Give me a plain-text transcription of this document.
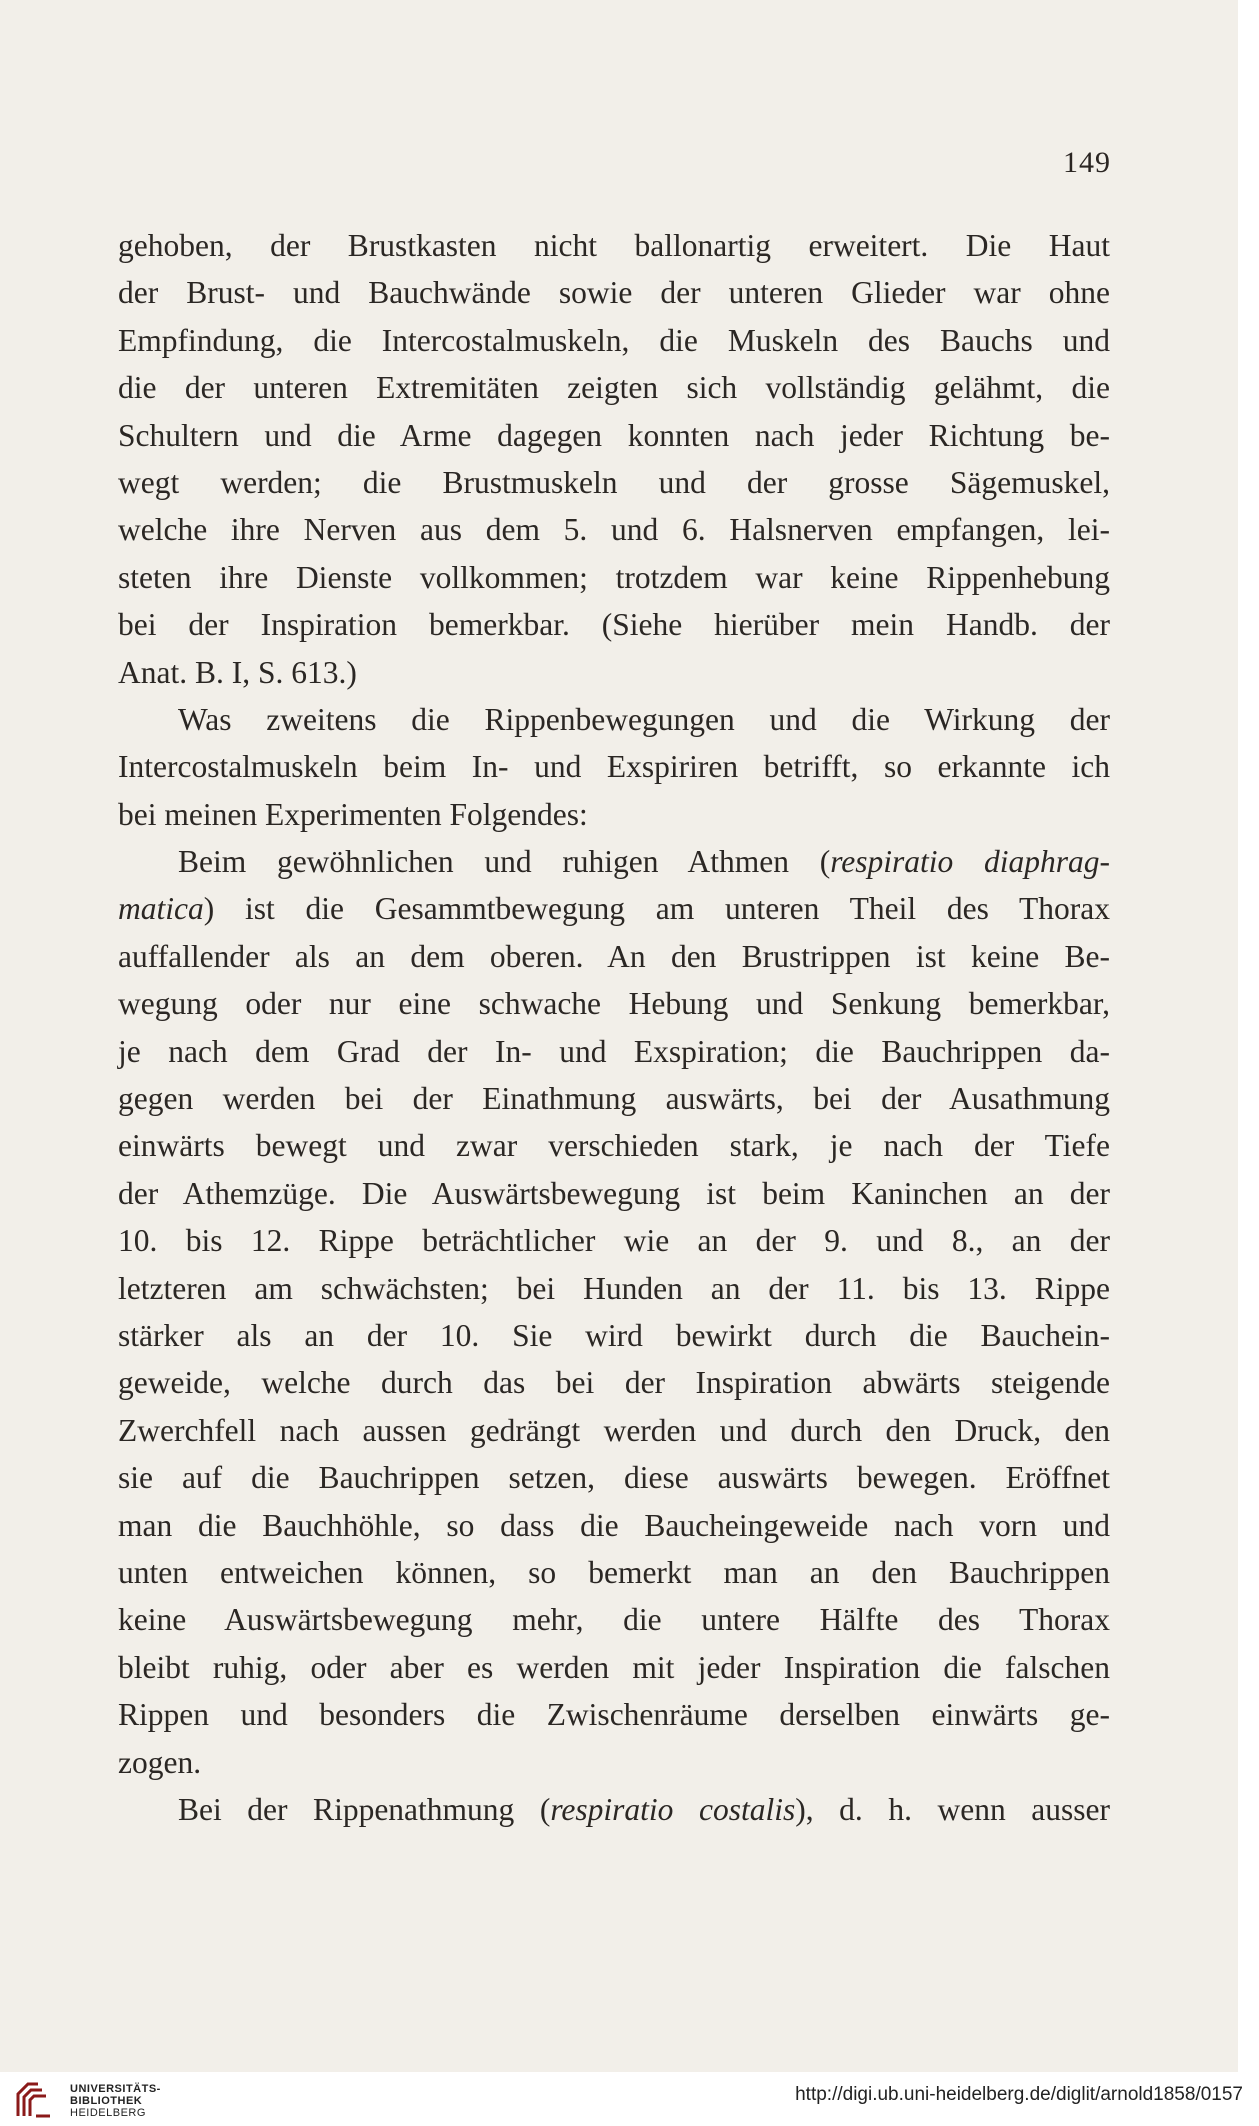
149
gehoben, der Brustkasten nicht ballonartig erweitert. Die Haut
der Brust- und Bauchwände sowie der unteren Glieder war ohne
Empfindung, die Intercostalmuskeln, die Muskeln des Bauchs und
die der unteren Extremitäten zeigten sich vollständig gelähmt, die
Schultern und die Arme dagegen konnten nach jeder Richtung be-
wegt werden; die Brustmuskeln und der grosse Sägemuskel,
welche ihre Nerven aus dem 5. und 6. Halsnerven empfangen, lei-
steten ihre Dienste vollkommen; trotzdem war keine Rippenhebung
bei der Inspiration bemerkbar. (Siehe hierüber mein Handb. der
Anat. B. I, S. 613.)
Was zweitens die Rippenbewegungen und die Wirkung der
Intercostalmuskeln beim In- und Exspiriren betrifft, so erkannte ich
bei meinen Experimenten Folgendes:
Beim gewöhnlichen und ruhigen Athmen (respiratio diaphrag-
matica) ist die Gesammtbewegung am unteren Theil des Thorax
auffallender als an dem oberen. An den Brustrippen ist keine Be-
wegung oder nur eine schwache Hebung und Senkung bemerkbar,
je nach dem Grad der In- und Exspiration; die Bauchrippen da-
gegen werden bei der Einathmung auswärts, bei der Ausathmung
einwärts bewegt und zwar verschieden stark, je nach der Tiefe
der Athemzüge. Die Auswärtsbewegung ist beim Kaninchen an der
10. bis 12. Rippe beträchtlicher wie an der 9. und 8., an der
letzteren am schwächsten; bei Hunden an der 11. bis 13. Rippe
stärker als an der 10. Sie wird bewirkt durch die Bauchein-
geweide, welche durch das bei der Inspiration abwärts steigende
Zwerchfell nach aussen gedrängt werden und durch den Druck, den
sie auf die Bauchrippen setzen, diese auswärts bewegen. Eröffnet
man die Bauchhöhle, so dass die Baucheingeweide nach vorn und
unten entweichen können, so bemerkt man an den Bauchrippen
keine Auswärtsbewegung mehr, die untere Hälfte des Thorax
bleibt ruhig, oder aber es werden mit jeder Inspiration die falschen
Rippen und besonders die Zwischenräume derselben einwärts ge-
zogen.
Bei der Rippenathmung (respiratio costalis), d. h. wenn ausser
UNIVERSITÄTS-
BIBLIOTHEK
HEIDELBERG
http://digi.ub.uni-heidelberg.de/diglit/arnold1858/0157
